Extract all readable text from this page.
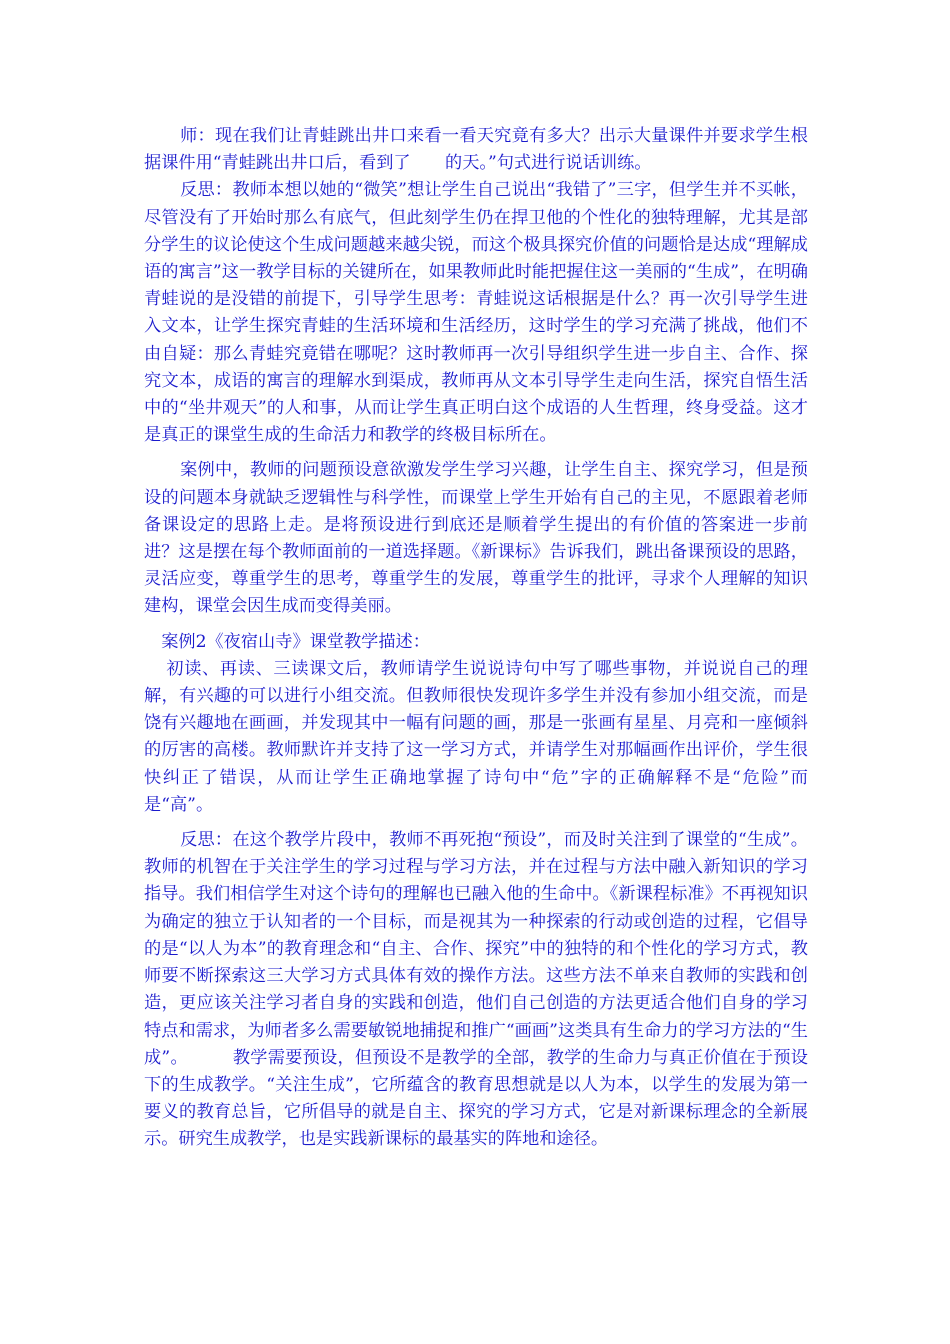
师：现在我们让青蛙跳出井口来看一看天究竟有多大？出示大量课件并要求学生根据课件用“青蛙跳出井口后，看到了 的天。”句式进行说话训练。

反思：教师本想以她的“微笑”想让学生自己说出“我错了”三字，但学生并不买帐，尽管没有了开始时那么有底气，但此刻学生仍在捍卫他的个性化的独特理解，尤其是部分学生的议论使这个生成问题越来越尖锐，而这个极具探究价值的问题恰是达成“理解成语的寓言”这一教学目标的关键所在，如果教师此时能把握住这一美丽的“生成”，在明确青蛙说的是没错的前提下，引导学生思考：青蛙说这话根据是什么？再一次引导学生进入文本，让学生探究青蛙的生活环境和生活经历，这时学生的学习充满了挑战，他们不由自疑：那么青蛙究竟错在哪呢？这时教师再一次引导组织学生进一步自主、合作、探究文本，成语的寓言的理解水到渠成，教师再从文本引导学生走向生活，探究自悟生活中的“坐井观天”的人和事，从而让学生真正明白这个成语的人生哲理，终身受益。这才是真正的课堂生成的生命活力和教学的终极目标所在。

案例中，教师的问题预设意欲激发学生学习兴趣，让学生自主、探究学习，但是预设的问题本身就缺乏逻辑性与科学性，而课堂上学生开始有自己的主见，不愿跟着老师备课设定的思路上走。是将预设进行到底还是顺着学生提出的有价值的答案进一步前进？这是摆在每个教师面前的一道选择题。《新课标》告诉我们，跳出备课预设的思路，灵活应变，尊重学生的思考，尊重学生的发展，尊重学生的批评，寻求个人理解的知识建构，课堂会因生成而变得美丽。

案例2《夜宿山寺》课堂教学描述：

初读、再读、三读课文后，教师请学生说说诗句中写了哪些事物，并说说自己的理解，有兴趣的可以进行小组交流。但教师很快发现许多学生并没有参加小组交流，而是饶有兴趣地在画画，并发现其中一幅有问题的画，那是一张画有星星、月亮和一座倾斜的厉害的高楼。教师默许并支持了这一学习方式，并请学生对那幅画作出评价，学生很快纠正了错误，从而让学生正确地掌握了诗句中“危”字的正确解释不是“危险”而是“高”。

反思：在这个教学片段中，教师不再死抱“预设”，而及时关注到了课堂的“生成”。教师的机智在于关注学生的学习过程与学习方法，并在过程与方法中融入新知识的学习指导。我们相信学生对这个诗句的理解也已融入他的生命中。《新课程标准》不再视知识为确定的独立于认知者的一个目标，而是视其为一种探索的行动或创造的过程，它倡导的是“以人为本”的教育理念和“自主、合作、探究”中的独特的和个性化的学习方式，教师要不断探索这三大学习方式具体有效的操作方法。这些方法不单来自教师的实践和创造，更应该关注学习者自身的实践和创造，他们自己创造的方法更适合他们自身的学习特点和需求，为师者多么需要敏锐地捕捉和推广“画画”这类具有生命力的学习方法的“生成”。	教学需要预设，但预设不是教学的全部，教学的生命力与真正价值在于预设下的生成教学。“关注生成”，它所蕴含的教育思想就是以人为本，以学生的发展为第一要义的教育总旨，它所倡导的就是自主、探究的学习方式，它是对新课标理念的全新展示。研究生成教学，也是实践新课标的最基实的阵地和途径。
